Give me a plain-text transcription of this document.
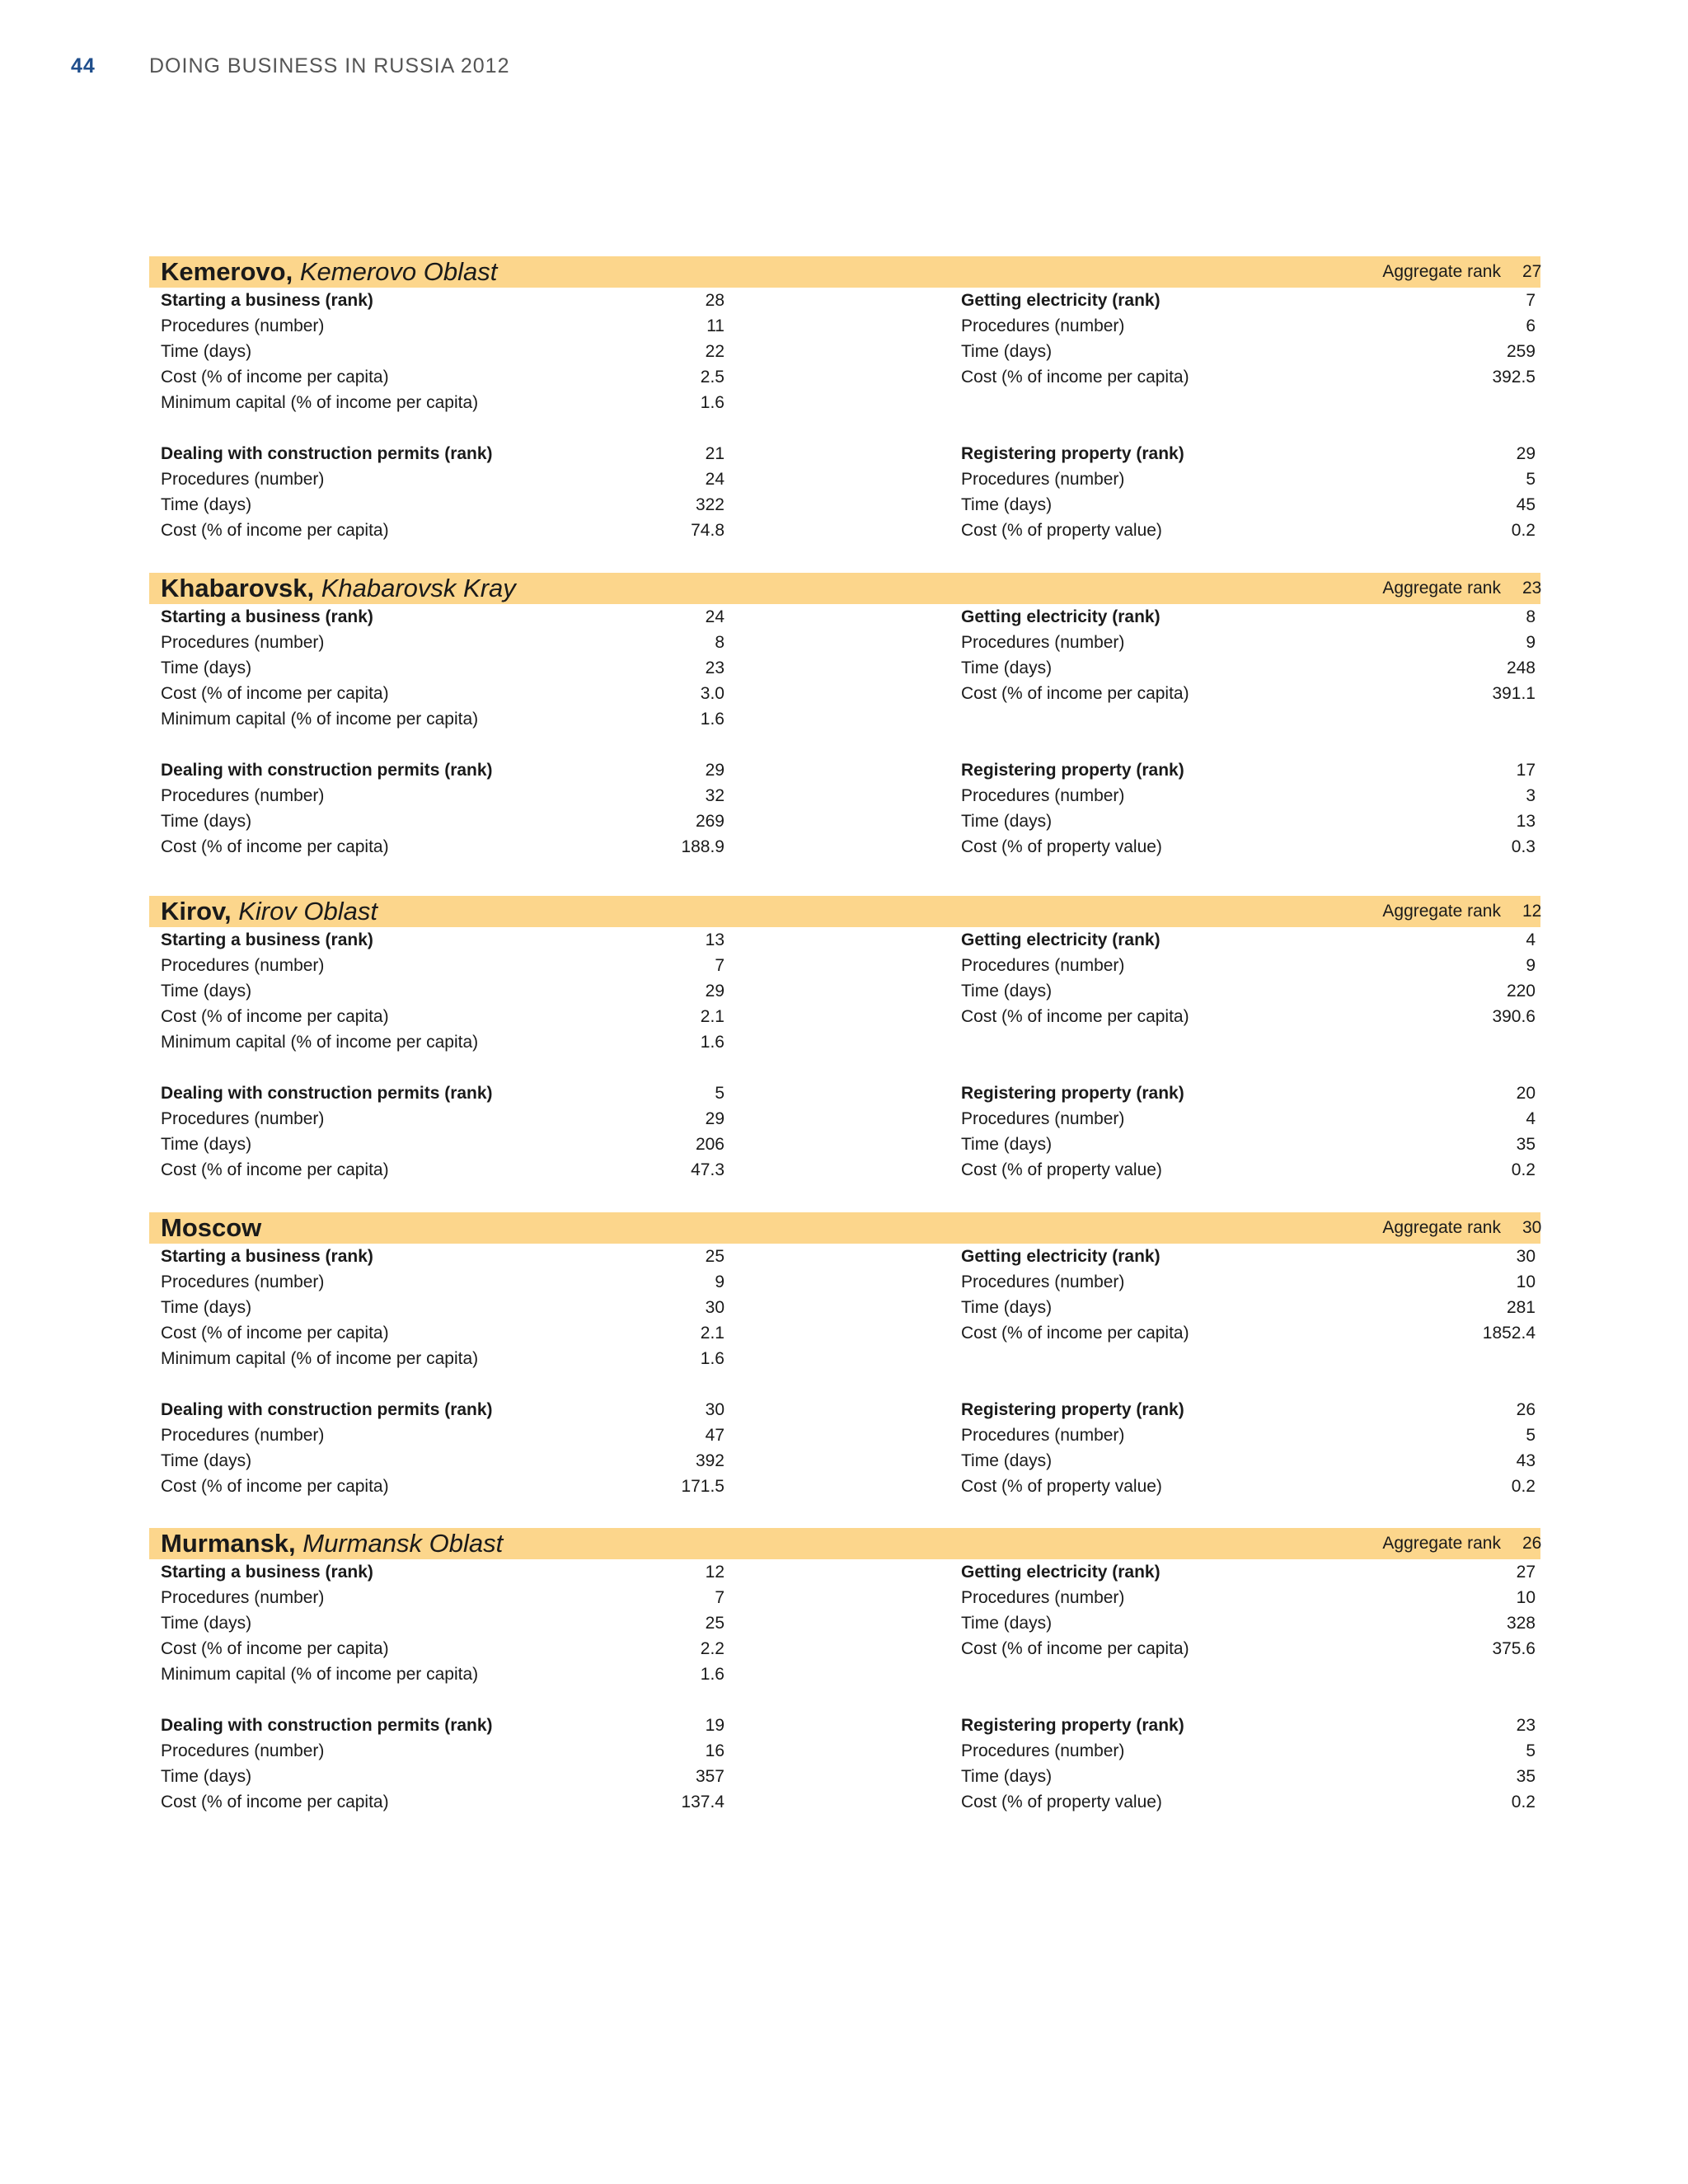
44	DOING BUSINESS IN RUSSIA 2012
Kemerovo, Kemerovo Oblast	Aggregate rank 27
Starting a business (rank)	28
Procedures (number)	11
Time (days)	22
Cost (% of income per capita)	2.5
Minimum capital (% of income per capita)	1.6
Getting electricity (rank)	7
Procedures (number)	6
Time (days)	259
Cost (% of income per capita)	392.5
Dealing with construction permits (rank)	21
Procedures (number)	24
Time (days)	322
Cost (% of income per capita)	74.8
Registering property (rank)	29
Procedures (number)	5
Time (days)	45
Cost (% of property value)	0.2
Khabarovsk, Khabarovsk Kray	Aggregate rank 23
Starting a business (rank)	24
Procedures (number)	8
Time (days)	23
Cost (% of income per capita)	3.0
Minimum capital (% of income per capita)	1.6
Getting electricity (rank)	8
Procedures (number)	9
Time (days)	248
Cost (% of income per capita)	391.1
Dealing with construction permits (rank)	29
Procedures (number)	32
Time (days)	269
Cost (% of income per capita)	188.9
Registering property (rank)	17
Procedures (number)	3
Time (days)	13
Cost (% of property value)	0.3
Kirov, Kirov Oblast	Aggregate rank 12
Starting a business (rank)	13
Procedures (number)	7
Time (days)	29
Cost (% of income per capita)	2.1
Minimum capital (% of income per capita)	1.6
Getting electricity (rank)	4
Procedures (number)	9
Time (days)	220
Cost (% of income per capita)	390.6
Dealing with construction permits (rank)	5
Procedures (number)	29
Time (days)	206
Cost (% of income per capita)	47.3
Registering property (rank)	20
Procedures (number)	4
Time (days)	35
Cost (% of property value)	0.2
Moscow	Aggregate rank 30
Starting a business (rank)	25
Procedures (number)	9
Time (days)	30
Cost (% of income per capita)	2.1
Minimum capital (% of income per capita)	1.6
Getting electricity (rank)	30
Procedures (number)	10
Time (days)	281
Cost (% of income per capita)	1852.4
Dealing with construction permits (rank)	30
Procedures (number)	47
Time (days)	392
Cost (% of income per capita)	171.5
Registering property (rank)	26
Procedures (number)	5
Time (days)	43
Cost (% of property value)	0.2
Murmansk, Murmansk Oblast	Aggregate rank 26
Starting a business (rank)	12
Procedures (number)	7
Time (days)	25
Cost (% of income per capita)	2.2
Minimum capital (% of income per capita)	1.6
Getting electricity (rank)	27
Procedures (number)	10
Time (days)	328
Cost (% of income per capita)	375.6
Dealing with construction permits (rank)	19
Procedures (number)	16
Time (days)	357
Cost (% of income per capita)	137.4
Registering property (rank)	23
Procedures (number)	5
Time (days)	35
Cost (% of property value)	0.2
